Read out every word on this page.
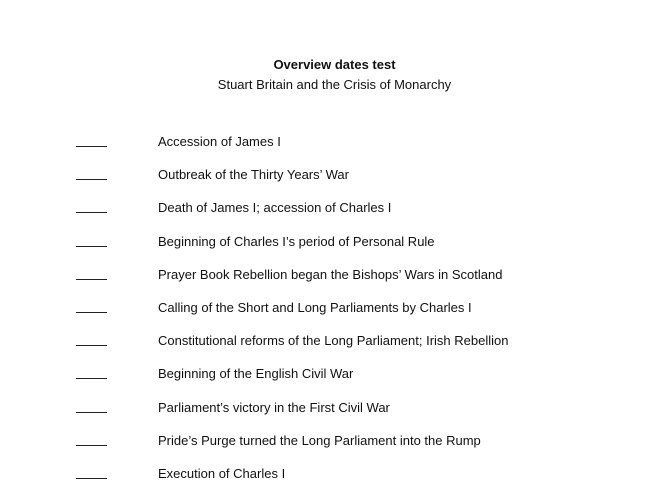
Overview dates test
Stuart Britain and the Crisis of Monarchy
Accession of James I
Outbreak of the Thirty Years’ War
Death of James I; accession of Charles I
Beginning of Charles I’s period of Personal Rule
Prayer Book Rebellion began the Bishops’ Wars in Scotland
Calling of the Short and Long Parliaments by Charles I
Constitutional reforms of the Long Parliament; Irish Rebellion
Beginning of the English Civil War
Parliament’s victory in the First Civil War
Pride’s Purge turned the Long Parliament into the Rump
Execution of Charles I
